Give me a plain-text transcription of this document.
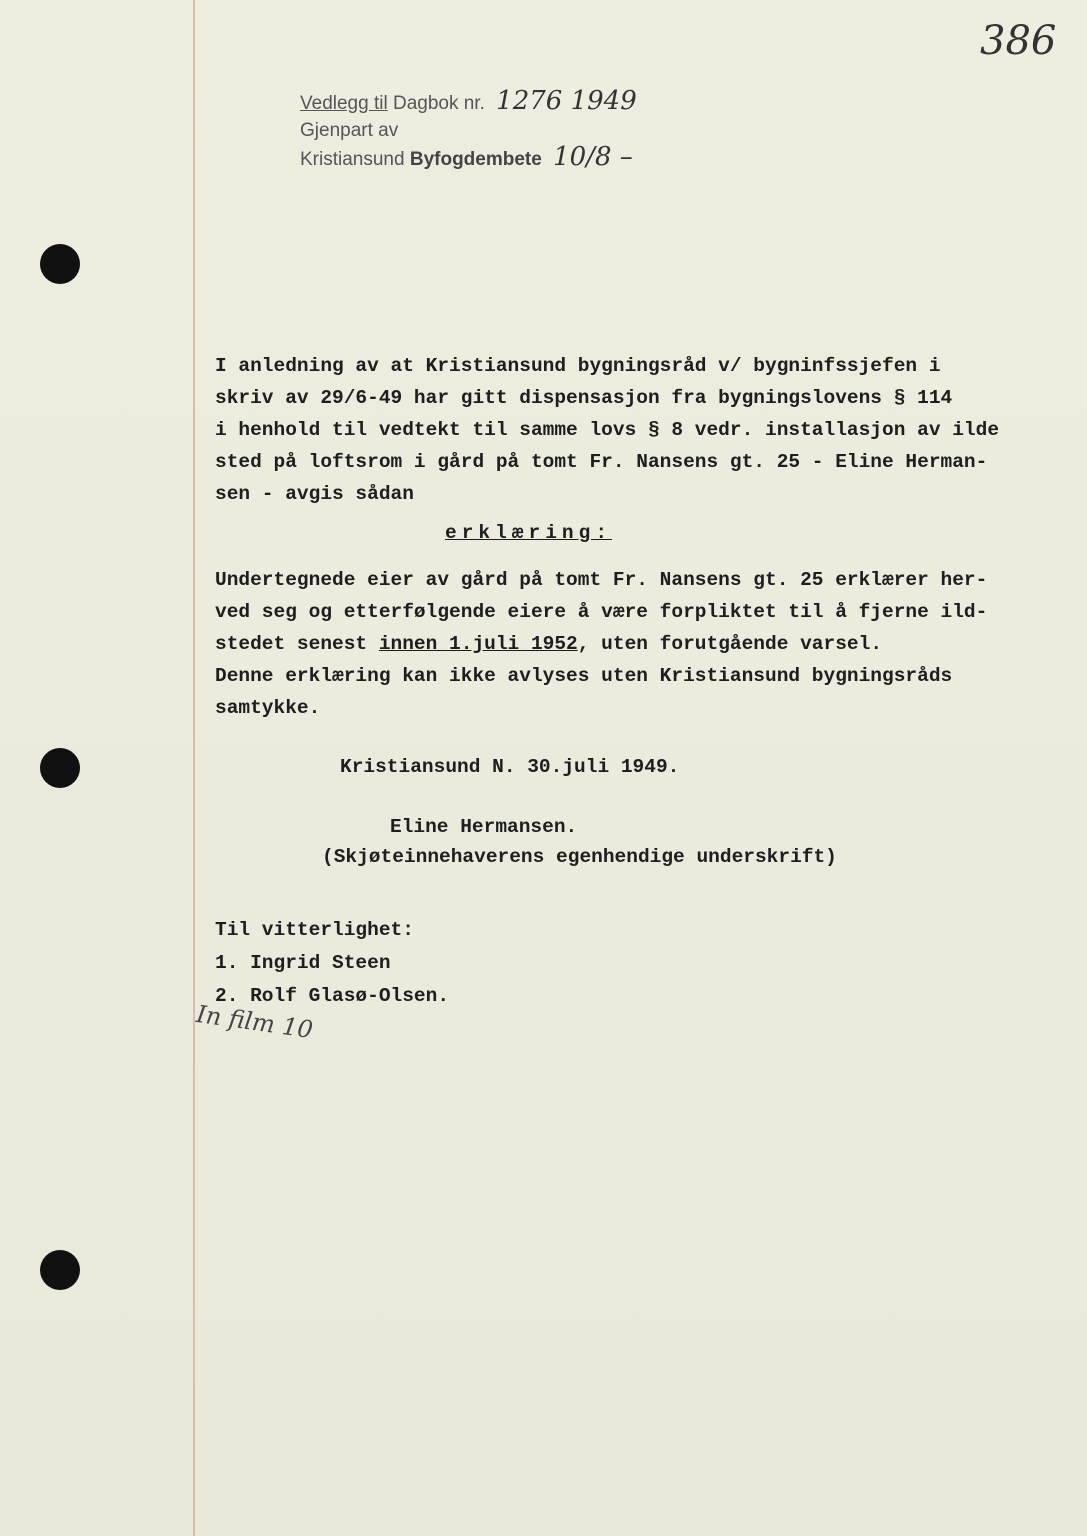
386
Vedlegg til Dagbok nr. 1276 1949
Gjenpart av
Kristiansund Byfogdembete 10/8 –
I anledning av at Kristiansund bygningsråd v/ bygninfssjefen i
skriv av 29/6-49 har gitt dispensasjon fra bygningslovens § 114
i henhold til vedtekt til samme lovs § 8 vedr. installasjon av ilde
sted på loftsrom i gård på tomt Fr. Nansens gt. 25 - Eline Herman-
sen - avgis sådan
erklæring:
Undertegnede eier av gård på tomt Fr. Nansens gt. 25 erklærer her-
ved seg og etterfølgende eiere å være forpliktet til å fjerne ild-
stedet senest innen 1.juli 1952, uten forutgående varsel.
Denne erklæring kan ikke avlyses uten Kristiansund bygningsråds
samtykke.
Kristiansund N. 30.juli 1949.
Eline Hermansen.
(Skjøteinnehaverens egenhendige underskrift)
Til vitterlighet:
1. Ingrid Steen
2. Rolf Glasø-Olsen.
In film 10
